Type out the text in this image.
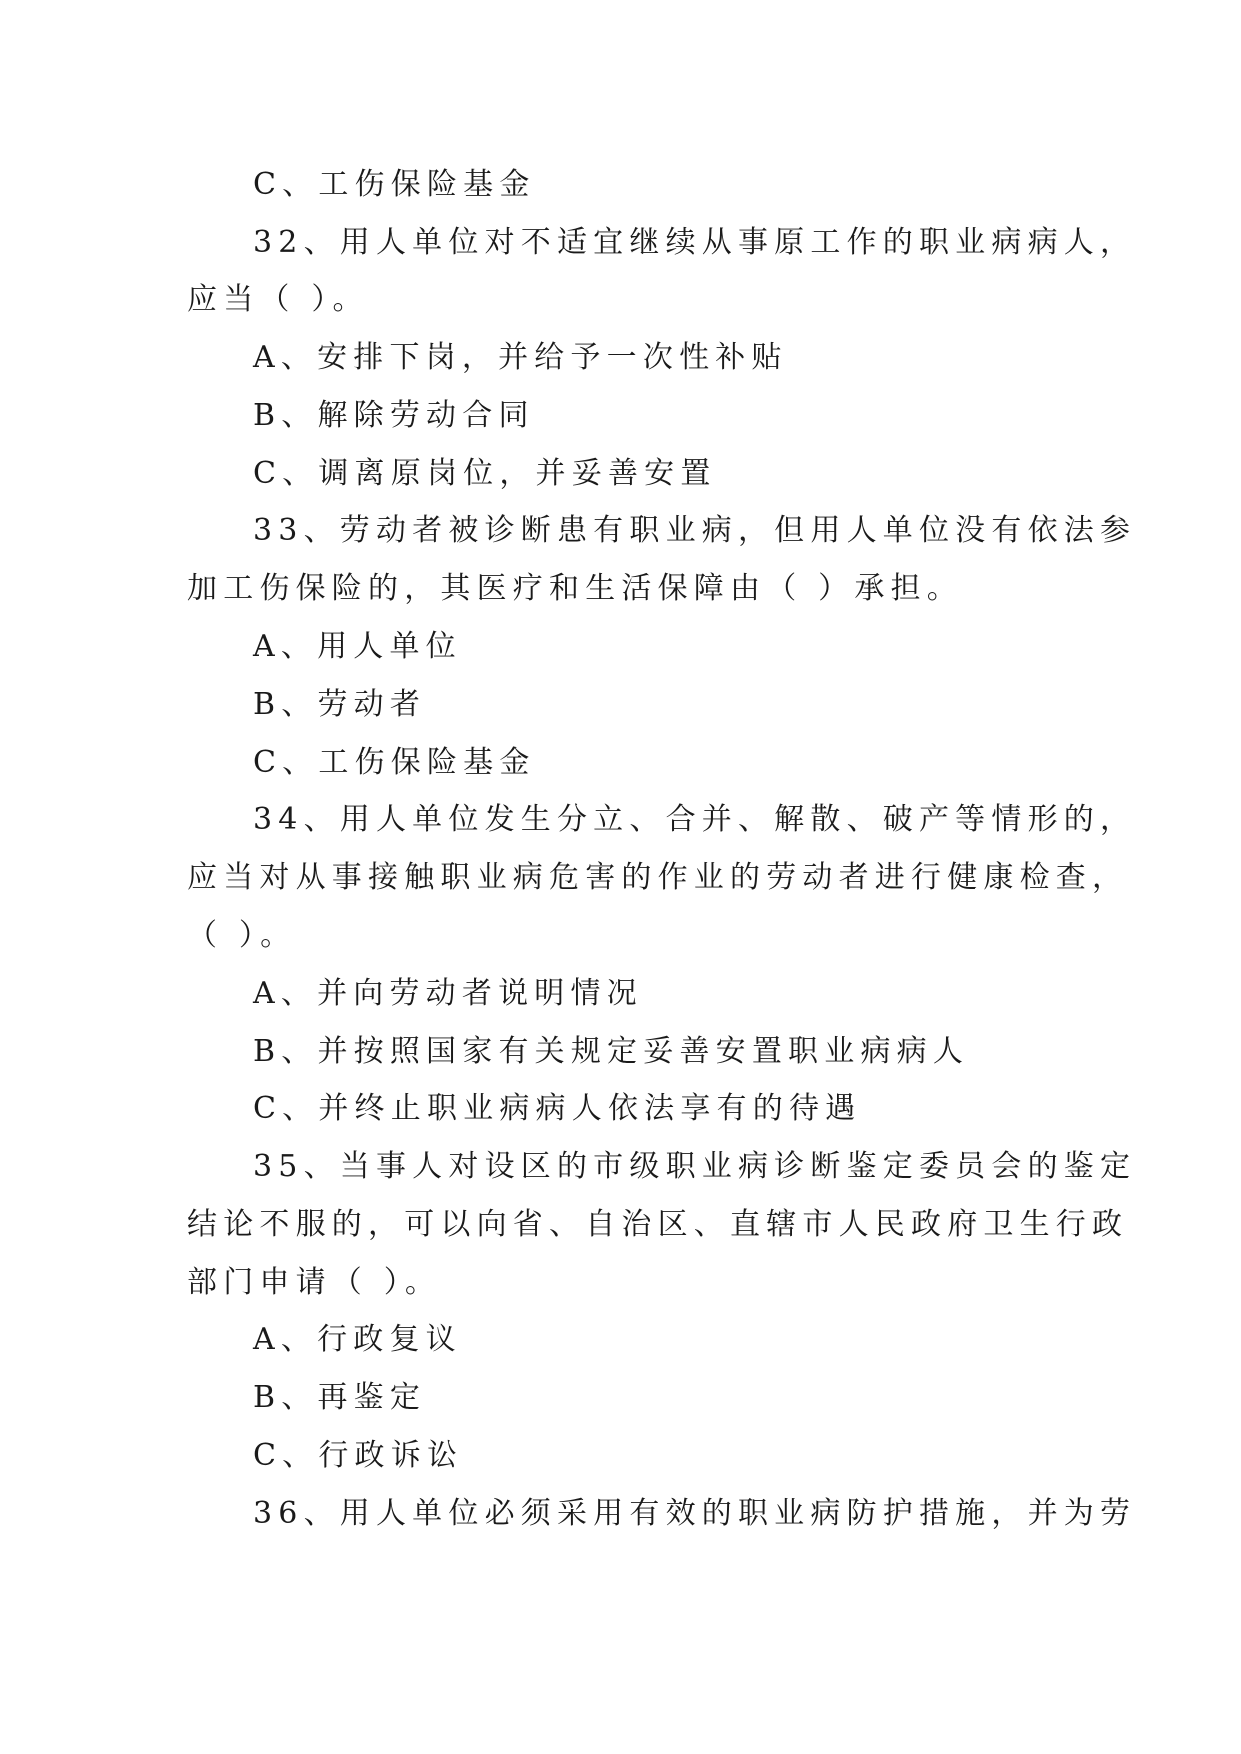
C、工伤保险基金

32、用人单位对不适宜继续从事原工作的职业病病人，

应当（ ）。

A、安排下岗，并给予一次性补贴

B、解除劳动合同

C、调离原岗位，并妥善安置

33、劳动者被诊断患有职业病，但用人单位没有依法参

加工伤保险的，其医疗和生活保障由（ ）承担。

A、用人单位

B、劳动者

C、工伤保险基金

34、用人单位发生分立、合并、解散、破产等情形的，

应当对从事接触职业病危害的作业的劳动者进行健康检查，

（ ）。

A、并向劳动者说明情况

B、并按照国家有关规定妥善安置职业病病人

C、并终止职业病病人依法享有的待遇

35、当事人对设区的市级职业病诊断鉴定委员会的鉴定

结论不服的，可以向省、自治区、直辖市人民政府卫生行政

部门申请（ ）。

A、行政复议

B、再鉴定

C、行政诉讼

36、用人单位必须采用有效的职业病防护措施，并为劳
